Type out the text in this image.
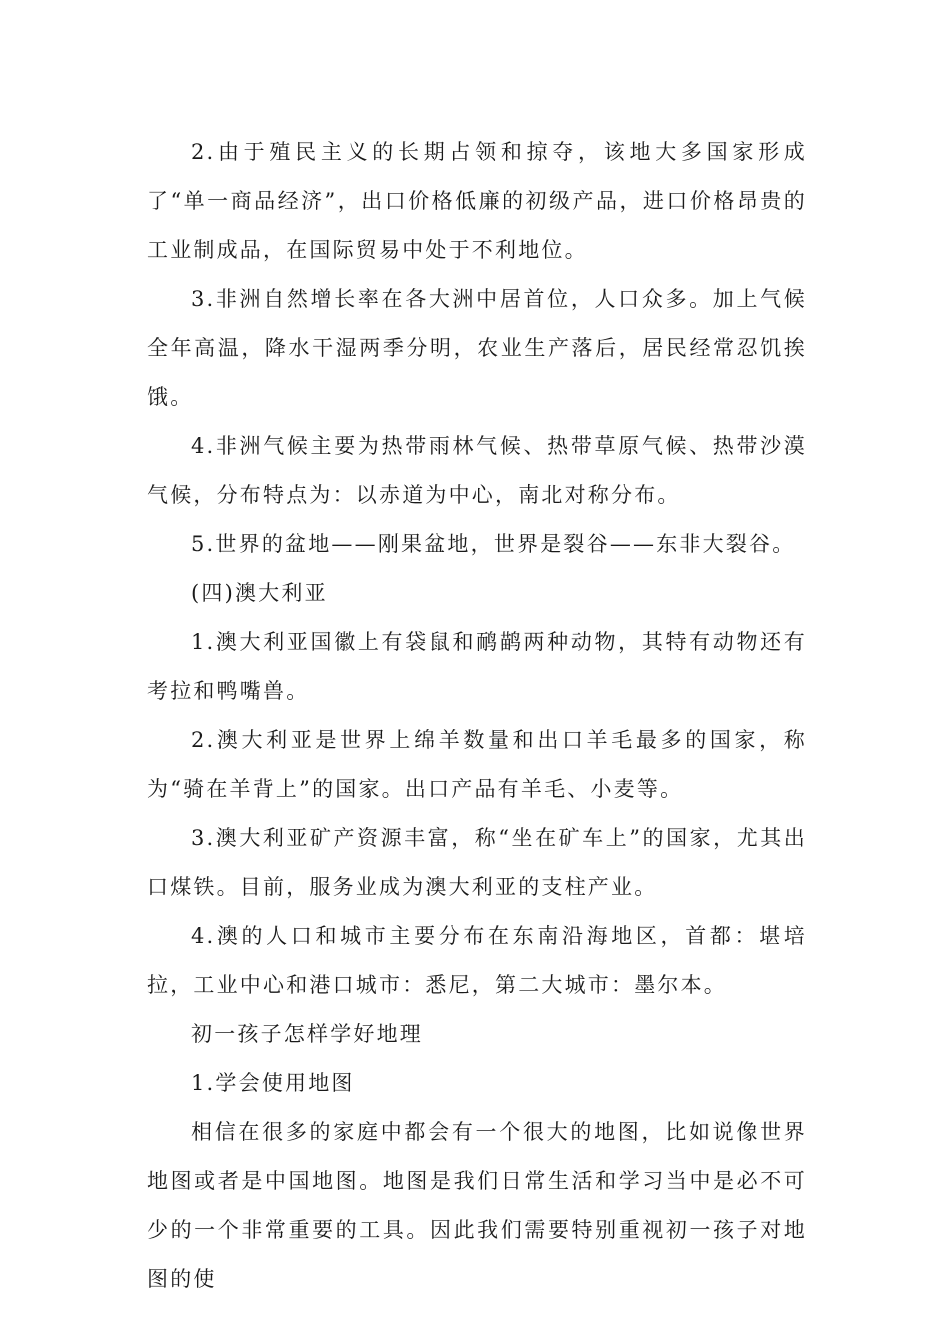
2.由于殖民主义的长期占领和掠夺，该地大多国家形成了“单一商品经济”，出口价格低廉的初级产品，进口价格昂贵的工业制成品，在国际贸易中处于不利地位。

3.非洲自然增长率在各大洲中居首位，人口众多。加上气候全年高温，降水干湿两季分明，农业生产落后，居民经常忍饥挨饿。

4.非洲气候主要为热带雨林气候、热带草原气候、热带沙漠气候，分布特点为：以赤道为中心，南北对称分布。

5.世界的盆地——刚果盆地，世界是裂谷——东非大裂谷。

(四)澳大利亚

1.澳大利亚国徽上有袋鼠和鸸鹋两种动物，其特有动物还有考拉和鸭嘴兽。

2.澳大利亚是世界上绵羊数量和出口羊毛最多的国家，称为“骑在羊背上”的国家。出口产品有羊毛、小麦等。

3.澳大利亚矿产资源丰富，称“坐在矿车上”的国家，尤其出口煤铁。目前，服务业成为澳大利亚的支柱产业。

4.澳的人口和城市主要分布在东南沿海地区，首都：堪培拉，工业中心和港口城市：悉尼，第二大城市：墨尔本。

初一孩子怎样学好地理

1.学会使用地图

相信在很多的家庭中都会有一个很大的地图，比如说像世界地图或者是中国地图。地图是我们日常生活和学习当中是必不可少的一个非常重要的工具。因此我们需要特别重视初一孩子对地图的使
